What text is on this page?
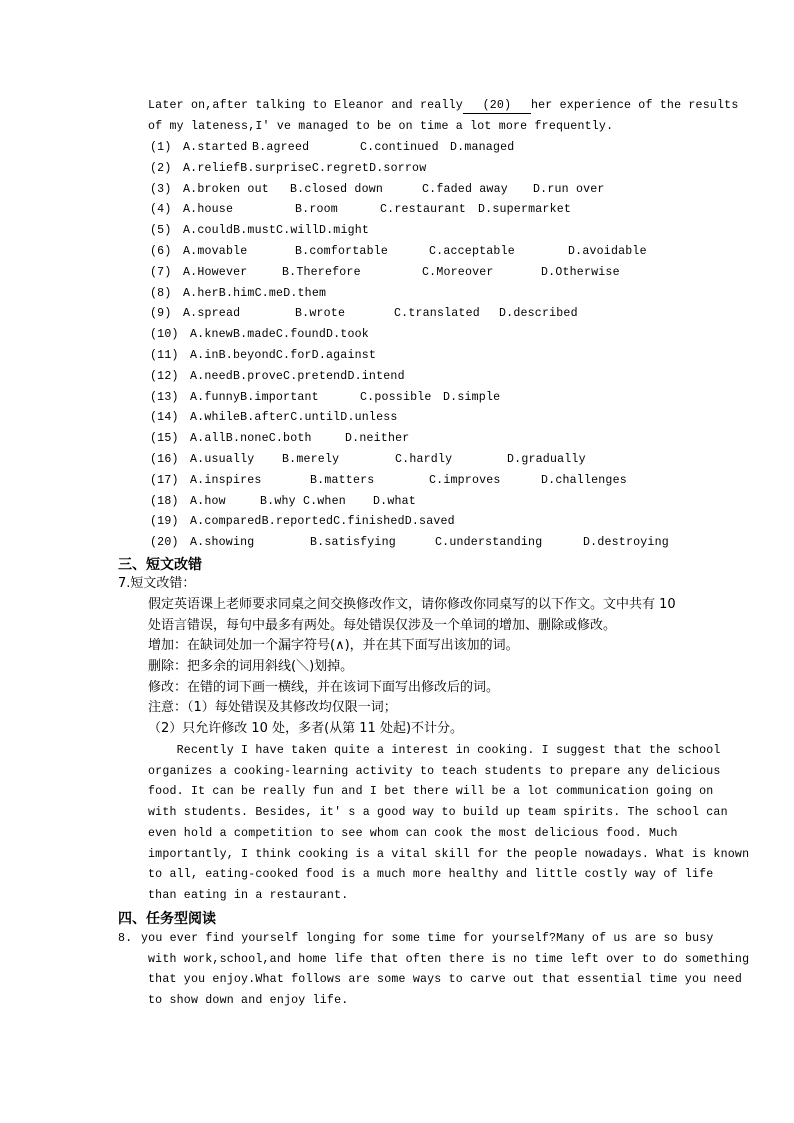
Later on,after talking to Eleanor and really (20) her experience of the results
of my lateness,I' ve managed to be on time a lot more frequently.
(1) A.started B.agreed	C.continued D.managed
(2) A.reliefB.surpriseC.regretD.sorrow
(3) A.broken out B.closed down	C.faded away D.run over
(4) A.house	B.room	C.restaurant D.supermarket
(5) A.couldB.mustC.willD.might
(6) A.movable	B.comfortable	C.acceptable	D.avoidable
(7) A.However	B.Therefore	C.Moreover	D.Otherwise
(8) A.herB.himC.meD.them
(9) A.spread	B.wrote	C.translated D.described
(10) A.knewB.madeC.foundD.took
(11) A.inB.beyondC.forD.against
(12) A.needB.proveC.pretendD.intend
(13) A.funnyB.important	C.possible D.simple
(14) A.whileB.afterC.untilD.unless
(15) A.allB.noneC.both	D.neither
(16) A.usually B.merely	C.hardly	D.gradually
(17) A.inspires	B.matters	C.improves	D.challenges
(18) A.how	B.why C.when D.what
(19) A.comparedB.reportedC.finishedD.saved
(20) A.showing	B.satisfying	C.understanding	D.destroying
三、短文改错
7.短文改错：
假定英语课上老师要求同桌之间交换修改作文，请你修改你同桌写的以下作文。文中共有 10
处语言错误，每句中最多有两处。每处错误仅涉及一个单词的增加、删除或修改。
增加：在缺词处加一个漏字符号(∧)，并在其下面写出该加的词。
删除：把多余的词用斜线(＼)划掉。
修改：在错的词下画一横线，并在该词下面写出修改后的词。
注意：（1）每处错误及其修改均仅限一词；
（2）只允许修改 10 处，多者(从第 11 处起)不计分。
Recently I have taken quite a interest in cooking. I suggest that the school
organizes a cooking-learning activity to teach students to prepare any delicious
food. It can be really fun and I bet there will be a lot communication going on
with students. Besides, it' s a good way to build up team spirits. The school can
even hold a competition to see whom can cook the most delicious food. Much
importantly, I think cooking is a vital skill for the people nowadays. What is known
to all, eating-cooked food is a much more healthy and little costly way of life
than eating in a restaurant.
四、任务型阅读
8. you ever find yourself longing for some time for yourself?Many of us are so busy
with work,school,and home life that often there is no time left over to do something
that you enjoy.What follows are some ways to carve out that essential time you need
to show down and enjoy life.
